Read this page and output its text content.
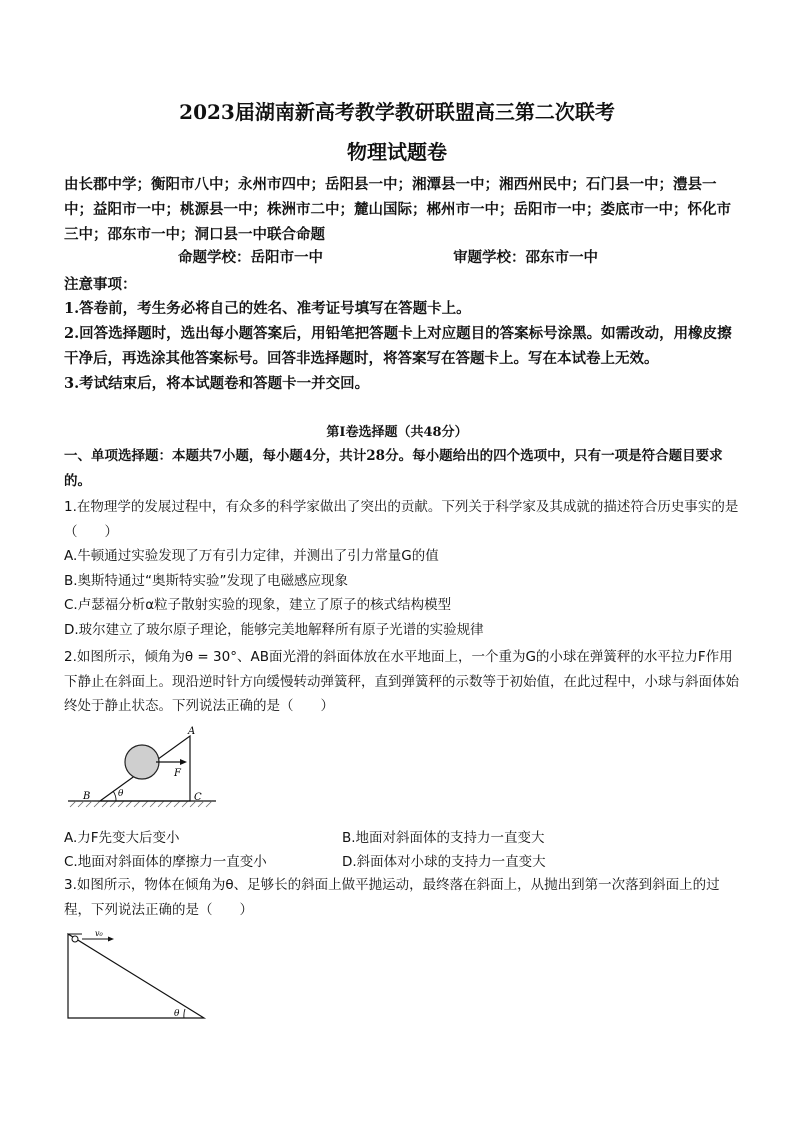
2023届湖南新高考教学教研联盟高三第二次联考
物理试题卷
由长郡中学；衡阳市八中；永州市四中；岳阳县一中；湘潭县一中；湘西州民中；石门县一中；澧县一中；益阳市一中；桃源县一中；株洲市二中；麓山国际；郴州市一中；岳阳市一中；娄底市一中；怀化市三中；邵东市一中；洞口县一中联合命题
命题学校：岳阳市一中	审题学校：邵东市一中
注意事项：
1.答卷前，考生务必将自己的姓名、准考证号填写在答题卡上。
2.回答选择题时，选出每小题答案后，用铅笔把答题卡上对应题目的答案标号涂黑。如需改动，用橡皮擦干净后，再选涂其他答案标号。回答非选择题时，将答案写在答题卡上。写在本试卷上无效。
3.考试结束后，将本试题卷和答题卡一并交回。
第Ⅰ卷选择题（共48分）
一、单项选择题：本题共7小题，每小题4分，共计28分。每小题给出的四个选项中，只有一项是符合题目要求的。
1.在物理学的发展过程中，有众多的科学家做出了突出的贡献。下列关于科学家及其成就的描述符合历史事实的是（　　）
A.牛顿通过实验发现了万有引力定律，并测出了引力常量G的值
B.奥斯特通过“奥斯特实验”发现了电磁感应现象
C.卢瑟福分析α粒子散射实验的现象，建立了原子的核式结构模型
D.玻尔建立了玻尔原子理论，能够完美地解释所有原子光谱的实验规律
2.如图所示，倾角为θ = 30°、AB面光滑的斜面体放在水平地面上，一个重为G的小球在弹簧秤的水平拉力F作用下静止在斜面上。现沿逆时针方向缓慢转动弹簧秤，直到弹簧秤的示数等于初始值，在此过程中，小球与斜面体始终处于静止状态。下列说法正确的是（　　）
A
B	C
F
θ
A.力F先变大后变小	B.地面对斜面体的支持力一直变大
C.地面对斜面体的摩擦力一直变小	D.斜面体对小球的支持力一直变大
3.如图所示，物体在倾角为θ、足够长的斜面上做平抛运动，最终落在斜面上，从抛出到第一次落到斜面上的过程，下列说法正确的是（　　）
v₀
θ
